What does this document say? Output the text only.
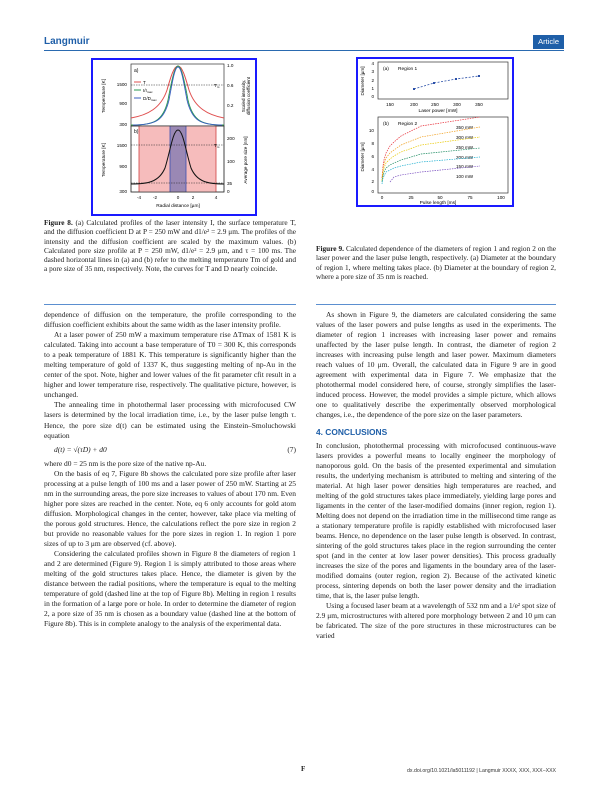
Langmuir	Article
a)
b)
T
$I/I_{max}$
$D/D_{max}$
$T_m$
$T_m$
1500
900
300
1500
900
300
1.0
0.6
0.2
200
100
35
0
-4	-2	0	2	4
Radial distance [µm]
Temperature [K]
Temperature [K]
Scaled intensity, diffusion coefficient
Average pore size [nm]
Figure 8. (a) Calculated profiles of the laser intensity I, the surface temperature T, and the diffusion coefficient D at P = 250 mW and d1/e² = 2.9 μm. The profiles of the intensity and the diffusion coefficient are scaled by the maximum values. (b) Calculated pore size profile at P = 250 mW, d1/e² = 2.9 μm, and τ = 100 ms. The dashed horizontal lines in (a) and (b) refer to the melting temperature Tm of gold and a pore size of 35 nm, respectively. Note, the curves for T and D nearly coincide.
(a) Region 1
4
3
2
1
0
150	200	250	300	350
Laser power [mW]
Diameter [µm]
(b) Region 2
350 mW
300 mW
250 mW
200 mW
150 mW
100 mW
10
8
6
4
2
0
0	25	50	75	100
Pulse length [ms]
Diameter [µm]
Figure 9. Calculated dependence of the diameters of region 1 and region 2 on the laser power and the laser pulse length, respectively. (a) Diameter at the boundary of region 1, where melting takes place. (b) Diameter at the boundary of region 2, where a pore size of 35 nm is reached.

dependence of diffusion on the temperature, the profile corresponding to the diffusion coefficient exhibits about the same width as the laser intensity profile.

At a laser power of 250 mW a maximum temperature rise ΔTmax of 1581 K is calculated. Taking into account a base temperature of T0 = 300 K, this corresponds to a peak temperature of 1881 K. This temperature is significantly higher than the melting temperature of gold of 1337 K, thus suggesting melting of np-Au in the center of the spot. Note, higher and lower values of the fit parameter cfit result in a higher and lower temperature rise, respectively. The qualitative picture, however, is unchanged.

The annealing time in photothermal laser processing with microfocused CW lasers is determined by the local irradiation time, i.e., by the laser pulse length τ. Hence, the pore size d(t) can be estimated using the Einstein–Smoluchowski equation

d(t) = √(τD) + d0	(7)

where d0 = 25 nm is the pore size of the native np-Au.

On the basis of eq 7, Figure 8b shows the calculated pore size profile after laser processing at a pulse length of 100 ms and a laser power of 250 mW. Starting at 25 nm in the surrounding areas, the pore size increases to values of about 170 nm. Even higher pore sizes are reached in the center. Note, eq 6 only accounts for gold atom diffusion. Morphological changes in the center, however, take place via melting of the porous gold structures. Hence, the calculations reflect the pore size in region 2 but provide no reasonable values for the pore sizes in region 1. In region 1 pore sizes of up to 3 μm are observed (cf. above).

Considering the calculated profiles shown in Figure 8 the diameters of region 1 and 2 are determined (Figure 9). Region 1 is simply attributed to those areas where melting of the gold structures takes place. Hence, the diameter is given by the distance between the radial positions, where the temperature is equal to the melting temperature of gold (dashed line at the top of Figure 8b). Melting in region 1 results in the formation of a large pore or hole. In order to determine the diameter of region 2, a pore size of 35 nm is chosen as a boundary value (dashed line at the bottom of Figure 8b). This is in complete analogy to the analysis of the experimental data.

As shown in Figure 9, the diameters are calculated considering the same values of the laser powers and pulse lengths as used in the experiments. The diameter of region 1 increases with increasing laser power and remains unaffected by the laser pulse length. In contrast, the diameter of region 2 increases with increasing pulse length and laser power. Maximum diameters reach values of 10 μm. Overall, the calculated data in Figure 9 are in good agreement with experimental data in Figure 7. We emphasize that the photothermal model considered here, of course, strongly simplifies the laser-induced process. However, the model provides a simple picture, which allows one to qualitatively describe the experimentally observed morphological changes, i.e., the dependence of the pore size on the laser parameters.

4. CONCLUSIONS

In conclusion, photothermal processing with microfocused continuous-wave lasers provides a powerful means to locally engineer the morphology of nanoporous gold. On the basis of the presented experimental and simulation results, the underlying mechanism is attributed to melting and sintering of the material. At high laser power densities high temperatures are reached, and melting of the gold structures takes place immediately, yielding large pores and ligaments in the center of the laser-modified domains (inner region, region 1). Melting does not depend on the irradiation time in the millisecond time range as a stationary temperature profile is rapidly established with microfocused laser beams. Hence, no dependence on the laser pulse length is observed. In contrast, sintering of the gold structures takes place in the region surrounding the center spot (and in the center at low laser power densities). This process gradually increases the size of the pores and ligaments in the boundary area of the laser-modified domains (outer region, region 2). Because of the activated kinetic process, sintering depends on both the laser power density and the irradiation time, that is, the laser pulse length.

Using a focused laser beam at a wavelength of 532 nm and a 1/e² spot size of 2.9 μm, microstructures with altered pore morphology between 2 and 10 μm can be fabricated. The size of the pore structures in these microstructures can be varied

F	dx.doi.org/10.1021/la5011192 | Langmuir XXXX, XXX, XXX−XXX
